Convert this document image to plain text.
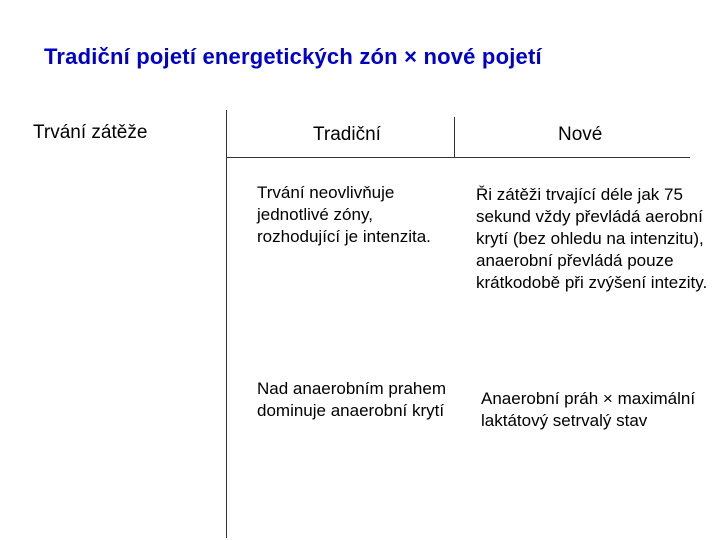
Tradiční pojetí energetických zón × nové pojetí
Trvání zátěže	Tradiční	Nové
Trvání neovlivňuje jednotlivé zóny, rozhodující je intenzita.
Ři zátěži trvající déle jak 75 sekund vždy převládá aerobní krytí (bez ohledu na intenzitu), anaerobní převládá pouze krátkodobě při zvýšení intezity.
Nad anaerobním prahem dominuje anaerobní krytí
Anaerobní práh × maximální laktátový setrvalý stav
